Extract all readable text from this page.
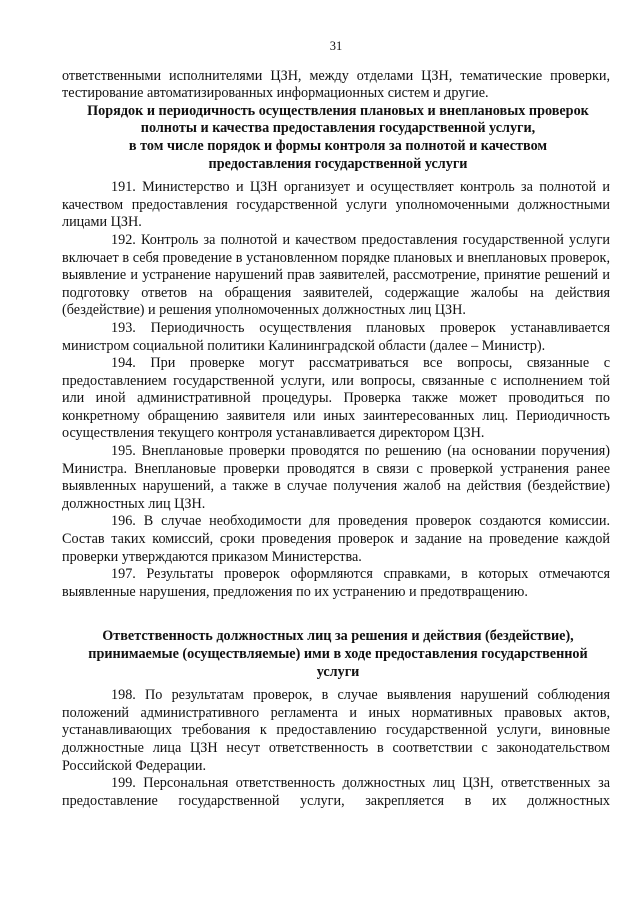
31

ответственными исполнителями ЦЗН, между отделами ЦЗН, тематические проверки, тестирование автоматизированных информационных систем и другие.

Порядок и периодичность осуществления плановых и внеплановых проверок
полноты и качества предоставления государственной услуги,
в том числе порядок и формы контроля за полнотой и качеством
предоставления государственной услуги

191. Министерство и ЦЗН организует и осуществляет контроль за полнотой и качеством предоставления государственной услуги уполномоченными должностными лицами ЦЗН.

192. Контроль за полнотой и качеством предоставления государственной услуги включает в себя проведение в установленном порядке плановых и внеплановых проверок, выявление и устранение нарушений прав заявителей, рассмотрение, принятие решений и подготовку ответов на обращения заявителей, содержащие жалобы на действия (бездействие) и решения уполномоченных должностных лиц ЦЗН.

193. Периодичность осуществления плановых проверок устанавливается министром социальной политики Калининградской области (далее – Министр).

194. При проверке могут рассматриваться все вопросы, связанные с предоставлением государственной услуги, или вопросы, связанные с исполнением той или иной административной процедуры. Проверка также может проводиться по конкретному обращению заявителя или иных заинтересованных лиц. Периодичность осуществления текущего контроля устанавливается директором ЦЗН.

195. Внеплановые проверки проводятся по решению (на основании поручения) Министра. Внеплановые проверки проводятся в связи с проверкой устранения ранее выявленных нарушений, а также в случае получения жалоб на действия (бездействие) должностных лиц ЦЗН.

196. В случае необходимости для проведения проверок создаются комиссии. Состав таких комиссий, сроки проведения проверок и задание на проведение каждой проверки утверждаются приказом Министерства.

197. Результаты проверок оформляются справками, в которых отмечаются выявленные нарушения, предложения по их устранению и предотвращению.

Ответственность должностных лиц за решения и действия (бездействие),
принимаемые (осуществляемые) ими в ходе предоставления государственной
услуги

198. По результатам проверок, в случае выявления нарушений соблюдения положений административного регламента и иных нормативных правовых актов, устанавливающих требования к предоставлению государственной услуги, виновные должностные лица ЦЗН несут ответственность в соответствии с законодательством Российской Федерации.

199. Персональная ответственность должностных лиц ЦЗН, ответственных за предоставление государственной услуги, закрепляется в их должностных
